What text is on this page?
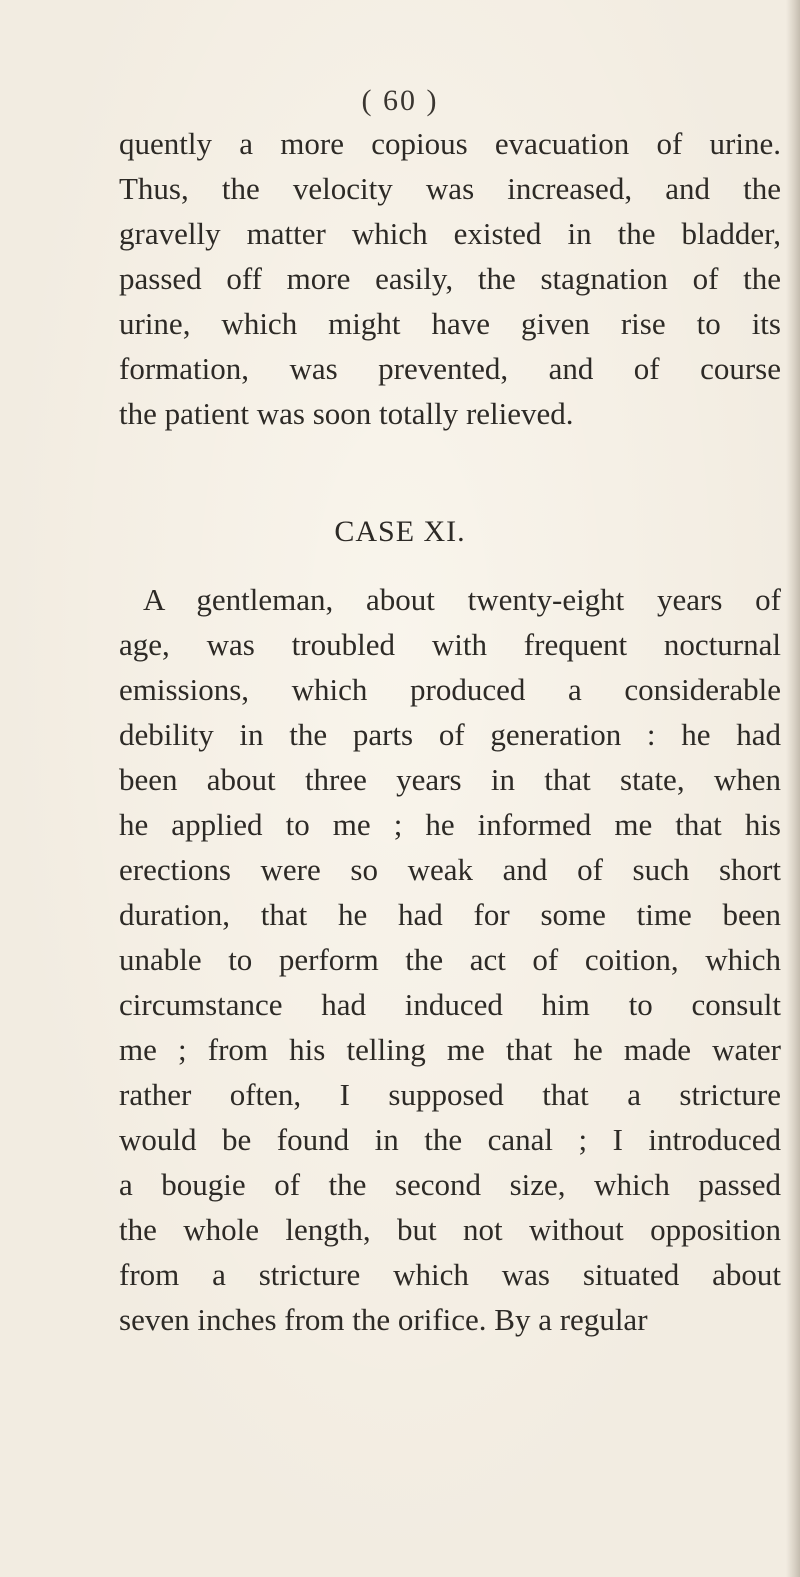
( 60 )
quently a more copious evacuation of urine.
Thus, the velocity was increased, and the
gravelly matter which existed in the bladder,
passed off more easily, the stagnation of the
urine, which might have given rise to its
formation, was prevented, and of course
the patient was soon totally relieved.
CASE XI.
A gentleman, about twenty-eight years of
age, was troubled with frequent nocturnal
emissions, which produced a considerable
debility in the parts of generation : he had
been about three years in that state, when
he applied to me ; he informed me that his
erections were so weak and of such short
duration, that he had for some time been
unable to perform the act of coition, which
circumstance had induced him to consult
me ; from his telling me that he made water
rather often, I supposed that a stricture
would be found in the canal ; I introduced
a bougie of the second size, which passed
the whole length, but not without opposition
from a stricture which was situated about
seven inches from the orifice. By a regular
